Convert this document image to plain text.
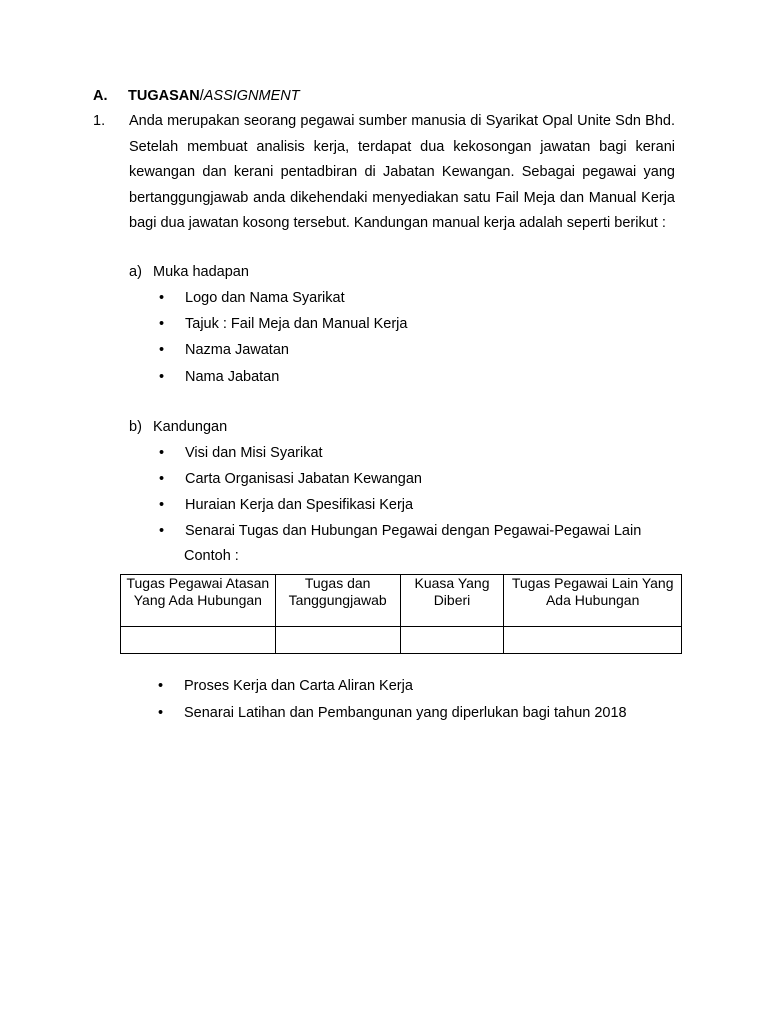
A. TUGASAN/ASSIGNMENT
1. Anda merupakan seorang pegawai sumber manusia di Syarikat Opal Unite Sdn Bhd. Setelah membuat analisis kerja, terdapat dua kekosongan jawatan bagi kerani kewangan dan kerani pentadbiran di Jabatan Kewangan. Sebagai pegawai yang bertanggungjawab anda dikehendaki menyediakan satu Fail Meja dan Manual Kerja bagi dua jawatan kosong tersebut. Kandungan manual kerja adalah seperti berikut :
a) Muka hadapan
• Logo dan Nama Syarikat
• Tajuk : Fail Meja dan Manual Kerja
• Nazma Jawatan
• Nama Jabatan
b) Kandungan
• Visi dan Misi Syarikat
• Carta Organisasi Jabatan Kewangan
• Huraian Kerja dan Spesifikasi Kerja
• Senarai Tugas dan Hubungan Pegawai dengan Pegawai-Pegawai Lain
Contoh :
Tugas Pegawai Atasan Yang Ada Hubungan	Tugas dan Tanggungjawab	Kuasa Yang Diberi	Tugas Pegawai Lain Yang Ada Hubungan

• Proses Kerja dan Carta Aliran Kerja
• Senarai Latihan dan Pembangunan yang diperlukan bagi tahun 2018
